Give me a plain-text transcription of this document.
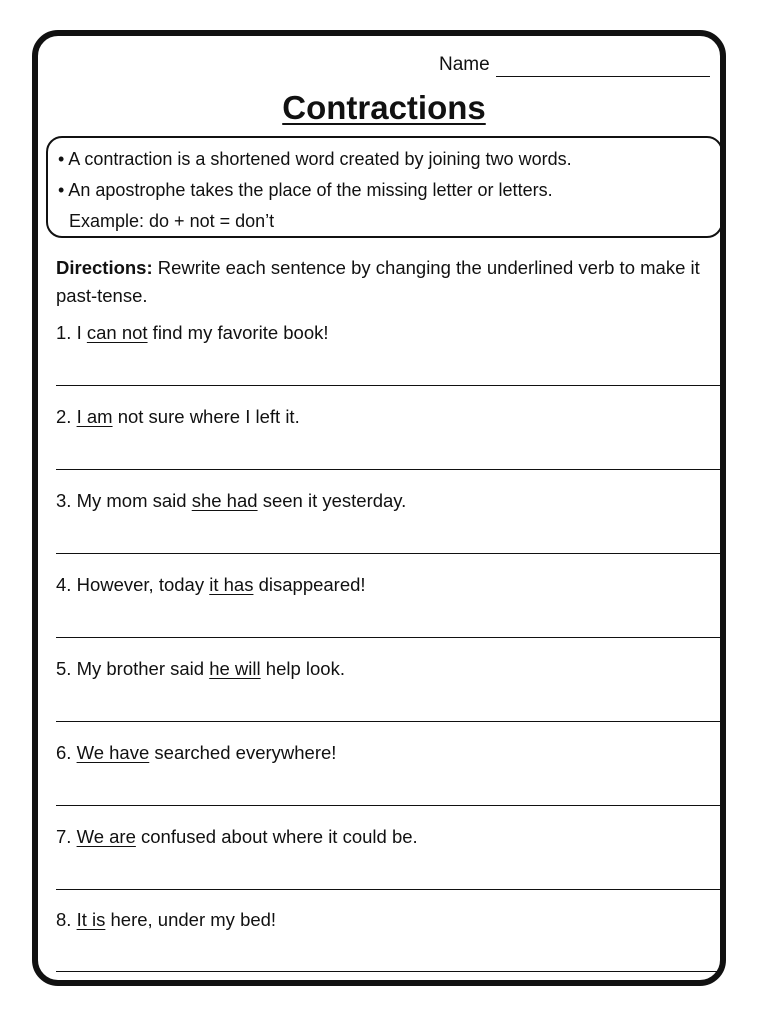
Name
Contractions
• A contraction is a shortened word created by joining two words.
• An apostrophe takes the place of the missing letter or letters.
Example: do + not = don’t
Directions: Rewrite each sentence by changing the underlined verb to make it past-tense.
1. I can not find my favorite book!
2. I am not sure where I left it.
3. My mom said she had seen it yesterday.
4. However, today it has disappeared!
5. My brother said he will help look.
6. We have searched everywhere!
7. We are confused about where it could be.
8. It is here, under my bed!
